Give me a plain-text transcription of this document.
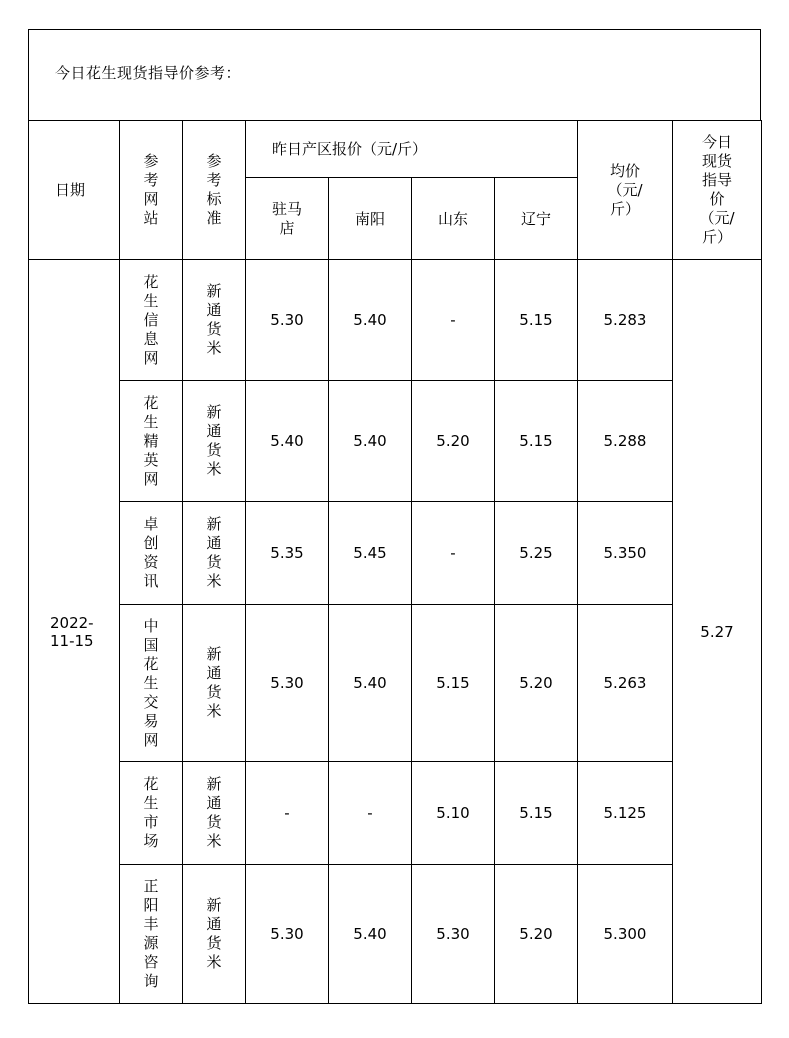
今日花生现货指导价参考：
日期	参考网站	参考标准	昨日产区报价（元/斤）				均价（元/斤）	今日现货指导价（元/斤）
			驻马店	南阳	山东	辽宁		
2022-11-15	花生信息网	新通货米	5.30	5.40	-	5.15	5.283	5.27
	花生精英网	新通货米	5.40	5.40	5.20	5.15	5.288	
	卓创资讯	新通货米	5.35	5.45	-	5.25	5.350	
	中国花生交易网	新通货米	5.30	5.40	5.15	5.20	5.263	
	花生市场	新通货米	-	-	5.10	5.15	5.125	
	正阳丰源咨询	新通货米	5.30	5.40	5.30	5.20	5.300	
